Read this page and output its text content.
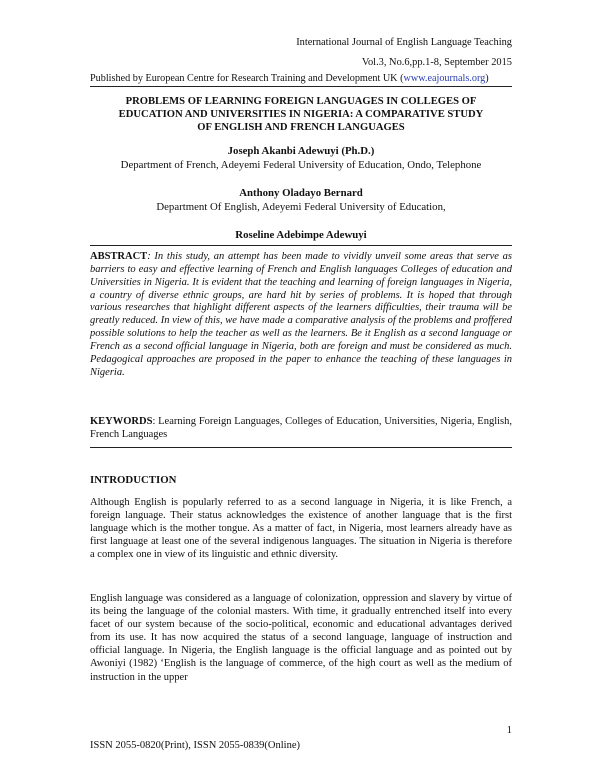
International Journal of English Language Teaching
Vol.3, No.6,pp.1-8, September 2015
Published by European Centre for Research Training and Development UK (www.eajournals.org)
PROBLEMS OF LEARNING FOREIGN LANGUAGES IN COLLEGES OF
EDUCATION AND UNIVERSITIES IN NIGERIA: A COMPARATIVE STUDY
OF ENGLISH AND FRENCH LANGUAGES
Joseph Akanbi Adewuyi (Ph.D.)
Department of French, Adeyemi Federal University of Education, Ondo, Telephone
Anthony Oladayo Bernard
Department Of English, Adeyemi Federal University of Education,
Roseline Adebimpe Adewuyi
ABSTRACT: In this study, an attempt has been made to vividly unveil some areas that serve as barriers to easy and effective learning of French and English languages Colleges of education and Universities in Nigeria. It is evident that the teaching and learning of foreign languages in Nigeria, a country of diverse ethnic groups, are hard hit by series of problems. It is hoped that through various researches that highlight different aspects of the learners difficulties, their trauma will be greatly reduced. In view of this, we have made a comparative analysis of the problems and proffered possible solutions to help the teacher as well as the learners. Be it English as a second language or French as a second official language in Nigeria, both are foreign and must be considered as much. Pedagogical approaches are proposed in the paper to enhance the teaching of these languages in Nigeria.
KEYWORDS: Learning Foreign Languages, Colleges of Education, Universities, Nigeria, English, French Languages
INTRODUCTION
Although English is popularly referred to as a second language in Nigeria, it is like French, a foreign language. Their status acknowledges the existence of another language that is the first language which is the mother tongue. As a matter of fact, in Nigeria, most learners already have as first language at least one of the several indigenous languages. The situation in Nigeria is therefore a complex one in view of its linguistic and ethnic diversity.
English language was considered as a language of colonization, oppression and slavery by virtue of its being the language of the colonial masters. With time, it gradually entrenched itself into every facet of our system because of the socio-political, economic and educational advantages derived from its use. It has now acquired the status of a second language, language of instruction and official language. In Nigeria, the English language is the official language and as pointed out by Awoniyi (1982) ‘English is the language of commerce, of the high court as well as the medium of instruction in the upper
1
ISSN 2055-0820(Print), ISSN 2055-0839(Online)
